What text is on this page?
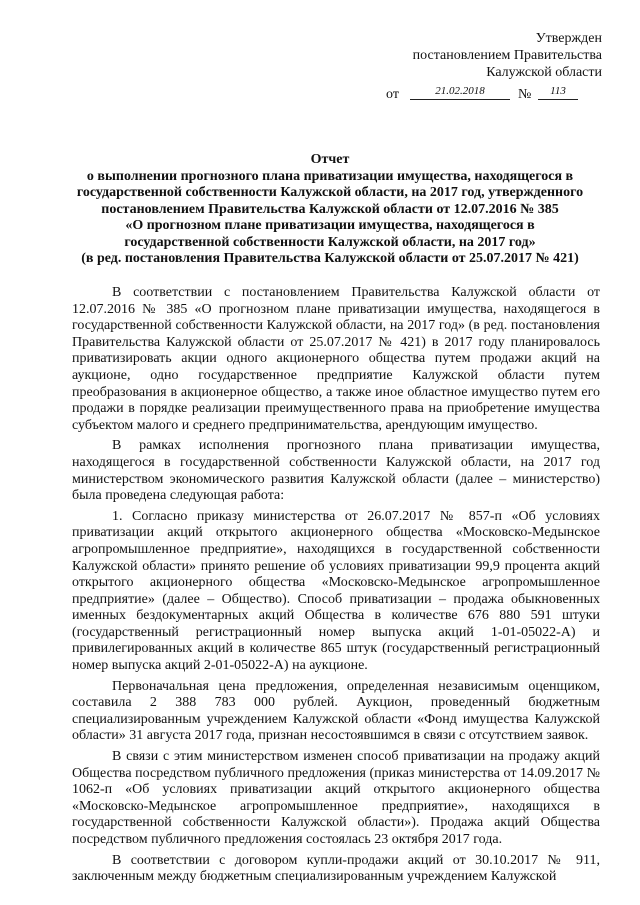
Утвержден
постановлением Правительства
Калужской области
от	21.02.2018	№	113
Отчет
о выполнении прогнозного плана приватизации имущества, находящегося в
государственной собственности Калужской области, на 2017 год, утвержденного
постановлением Правительства Калужской области от 12.07.2016 № 385
«О прогнозном плане приватизации имущества, находящегося в
государственной собственности Калужской области, на 2017 год»
(в ред. постановления Правительства Калужской области от 25.07.2017 № 421)

В соответствии с постановлением Правительства Калужской области от 12.07.2016 № 385 «О прогнозном плане приватизации имущества, находящегося в государственной собственности Калужской области, на 2017 год» (в ред. постановления Правительства Калужской области от 25.07.2017 № 421) в 2017 году планировалось приватизировать акции одного акционерного общества путем продажи акций на аукционе, одно государственное предприятие Калужской области путем преобразования в акционерное общество, а также иное областное имущество путем его продажи в порядке реализации преимущественного права на приобретение имущества субъектом малого и среднего предпринимательства, арендующим имущество.

В рамках исполнения прогнозного плана приватизации имущества, находящегося в государственной собственности Калужской области, на 2017 год министерством экономического развития Калужской области (далее – министерство) была проведена следующая работа:

1. Согласно приказу министерства от 26.07.2017 № 857-п «Об условиях приватизации акций открытого акционерного общества «Московско-Медынское агропромышленное предприятие», находящихся в государственной собственности Калужской области» принято решение об условиях приватизации 99,9 процента акций открытого акционерного общества «Московско-Медынское агропромышленное предприятие» (далее – Общество). Способ приватизации – продажа обыкновенных именных бездокументарных акций Общества в количестве 676 880 591 штуки (государственный регистрационный номер выпуска акций 1-01-05022-А) и привилегированных акций в количестве 865 штук (государственный регистрационный номер выпуска акций 2-01-05022-А) на аукционе.

Первоначальная цена предложения, определенная независимым оценщиком, составила 2 388 783 000 рублей. Аукцион, проведенный бюджетным специализированным учреждением Калужской области «Фонд имущества Калужской области» 31 августа 2017 года, признан несостоявшимся в связи с отсутствием заявок.

В связи с этим министерством изменен способ приватизации на продажу акций Общества посредством публичного предложения (приказ министерства от 14.09.2017 № 1062-п «Об условиях приватизации акций открытого акционерного общества «Московско-Медынское агропромышленное предприятие», находящихся в государственной собственности Калужской области»). Продажа акций Общества посредством публичного предложения состоялась 23 октября 2017 года.

В соответствии с договором купли-продажи акций от 30.10.2017 № 911, заключенным между бюджетным специализированным учреждением Калужской
